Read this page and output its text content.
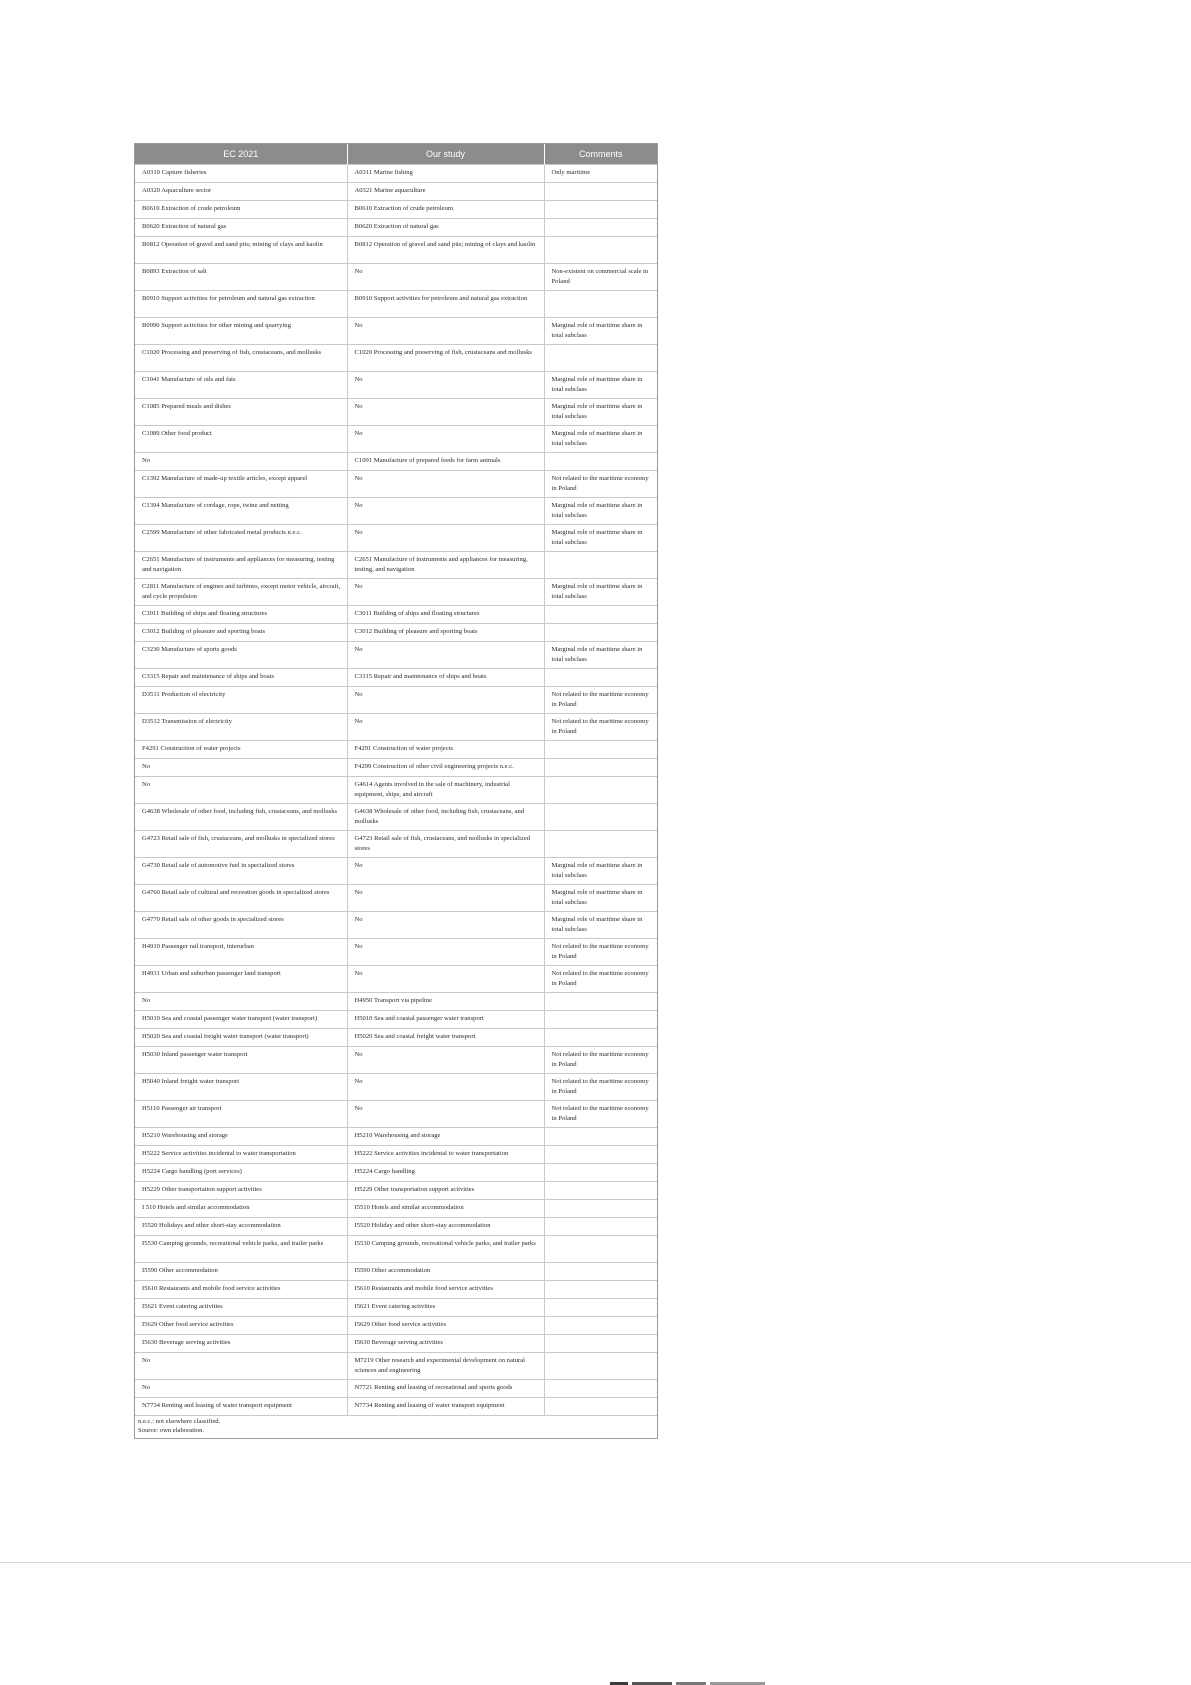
EC 2021	Our study	Comments
A0310 Capture fisheries	A0311 Marine fishing	Only maritime
A0320 Aquaculture sector	A0321 Marine aquaculture	
B0610 Extraction of crude petroleum	B0610 Extraction of crude petroleum	
B0620 Extraction of natural gas	B0620 Extraction of natural gas	
B0812 Operation of gravel and sand pits; mining of clays and kaolin	B0812 Operation of gravel and sand pits; mining of clays and kaolin	
B0893 Extraction of salt	No	Non-existent on commercial scale in Poland
B0910 Support activities for petroleum and natural gas extraction	B0910 Support activities for petroleum and natural gas extraction	
B0990 Support activities for other mining and quarrying	No	Marginal role of maritime share in total subclass
C1020 Processing and preserving of fish, crustaceans, and mollusks	C1020 Processing and preserving of fish, crustaceans and mollusks	
C1041 Manufacture of oils and fats	No	Marginal role of maritime share in total subclass
C1085 Prepared meals and dishes	No	Marginal role of maritime share in total subclass
C1089 Other food product	No	Marginal role of maritime share in total subclass
No	C1091 Manufacture of prepared feeds for farm animals	
C1392 Manufacture of made-up textile articles, except apparel	No	Not related to the maritime economy in Poland
C1394 Manufacture of cordage, rope, twine and netting	No	Marginal role of maritime share in total subclass
C2599 Manufacture of other fabricated metal products n.e.c.	No	Marginal role of maritime share in total subclass
C2651 Manufacture of instruments and appliances for measuring, testing and navigation	C2651 Manufacture of instruments and appliances for measuring, testing, and navigation	
C2811 Manufacture of engines and turbines, except motor vehicle, aircraft, and cycle propulsion	No	Marginal role of maritime share in total subclass
C3011 Building of ships and floating structures	C3011 Building of ships and floating structures	
C3012 Building of pleasure and sporting boats	C3012 Building of pleasure and sporting boats	
C3230 Manufacture of sports goods	No	Marginal role of maritime share in total subclass
C3315 Repair and maintenance of ships and boats	C3315 Repair and maintenance of ships and boats	
D3511 Production of electricity	No	Not related to the maritime economy in Poland
D3512 Transmission of electricity	No	Not related to the maritime economy in Poland
F4291 Construction of water projects	F4291 Construction of water projects	
No	F4299 Construction of other civil engineering projects n.e.c.	
No	G4614 Agents involved in the sale of machinery, industrial equipment, ships, and aircraft	
G4638 Wholesale of other food, including fish, crustaceans, and mollusks	G4638 Wholesale of other food, including fish, crustaceans, and mollusks	
G4723 Retail sale of fish, crustaceans, and mollusks in specialized stores	G4723 Retail sale of fish, crustaceans, and mollusks in specialized stores	
G4730 Retail sale of automotive fuel in specialized stores	No	Marginal role of maritime share in total subclass
G4760 Retail sale of cultural and recreation goods in specialized stores	No	Marginal role of maritime share in total subclass
G4770 Retail sale of other goods in specialized stores	No	Marginal role of maritime share in total subclass
H4910 Passenger rail transport, interurban	No	Not related to the maritime economy in Poland
H4931 Urban and suburban passenger land transport	No	Not related to the maritime economy in Poland
No	H4950 Transport via pipeline	
H5010 Sea and coastal passenger water transport (water transport)	H5010 Sea and coastal passenger water transport	
H5020 Sea and coastal freight water transport (water transport)	H5020 Sea and coastal freight water transport	
H5030 Inland passenger water transport	No	Not related to the maritime economy in Poland
H5040 Inland freight water transport	No	Not related to the maritime economy in Poland
H5110 Passenger air transport	No	Not related to the maritime economy in Poland
H5210 Warehousing and storage	H5210 Warehousing and storage	
H5222 Service activities incidental to water transportation	H5222 Service activities incidental to water transportation	
H5224 Cargo handling (port services)	H5224 Cargo handling	
H5229 Other transportation support activities	H5229 Other transportation support activities	
I 510 Hotels and similar accommodation	I5510 Hotels and similar accommodation	
I5520 Holidays and other short-stay accommodation	I5520 Holiday and other short-stay accommodation	
I5530 Camping grounds, recreational vehicle parks, and trailer parks	I5530 Camping grounds, recreational vehicle parks, and trailer parks	
I5590 Other accommodation	I5590 Other accommodation	
I5610 Restaurants and mobile food service activities	I5610 Restaurants and mobile food service activities	
I5621 Event catering activities	I5621 Event catering activities	
I5629 Other food service activities	I5629 Other food service activities	
I5630 Beverage serving activities	I5630 Beverage serving activities	
No	M7219 Other research and experimental development on natural sciences and engineering	
No	N7721 Renting and leasing of recreational and sports goods	
N7734 Renting and leasing of water transport equipment	N7734 Renting and leasing of water transport equipment	
n.e.c.: not elsewhere classified.
Source: own elaboration.
